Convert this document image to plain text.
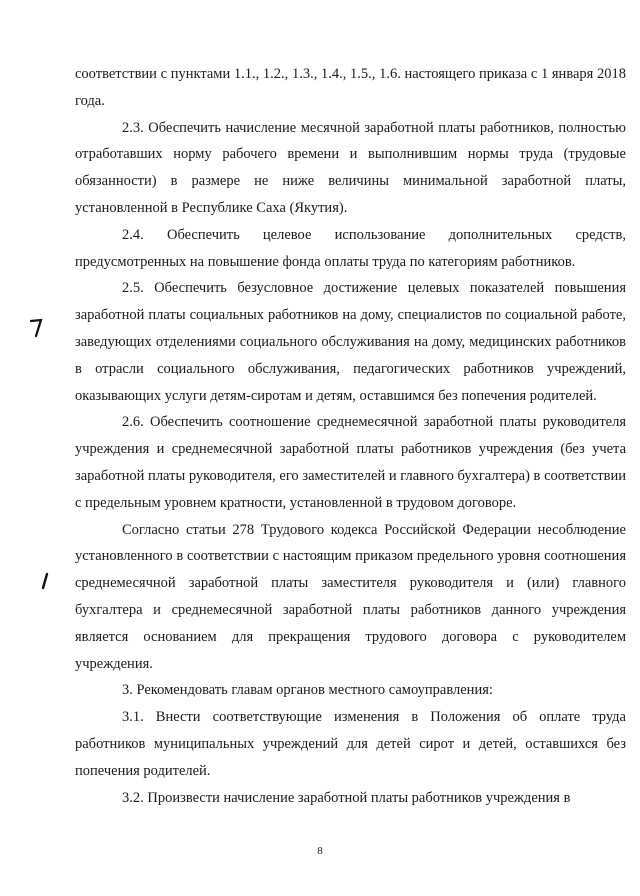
соответствии с пунктами 1.1., 1.2., 1.3., 1.4., 1.5., 1.6. настоящего приказа с 1 января 2018 года.

2.3. Обеспечить начисление месячной заработной платы работников, полностью отработавших норму рабочего времени и выполнившим нормы труда (трудовые обязанности) в размере не ниже величины минимальной заработной платы, установленной в Республике Саха (Якутия).

2.4. Обеспечить целевое использование дополнительных средств, предусмотренных на повышение фонда оплаты труда по категориям работников.

2.5. Обеспечить безусловное достижение целевых показателей повышения заработной платы социальных работников на дому, специалистов по социальной работе, заведующих отделениями социального обслуживания на дому, медицинских работников в отрасли социального обслуживания, педагогических работников учреждений, оказывающих услуги детям-сиротам и детям, оставшимся без попечения родителей.

2.6. Обеспечить соотношение среднемесячной заработной платы руководителя учреждения и среднемесячной заработной платы работников учреждения (без учета заработной платы руководителя, его заместителей и главного бухгалтера) в соответствии с предельным уровнем кратности, установленной в трудовом договоре.

Согласно статьи 278 Трудового кодекса Российской Федерации несоблюдение установленного в соответствии с настоящим приказом предельного уровня соотношения среднемесячной заработной платы заместителя руководителя и (или) главного бухгалтера и среднемесячной заработной платы работников данного учреждения является основанием для прекращения трудового договора с руководителем учреждения.

3. Рекомендовать главам органов местного самоуправления:

3.1. Внести соответствующие изменения в Положения об оплате труда работников муниципальных учреждений для детей сирот и детей, оставшихся без попечения родителей.

3.2. Произвести начисление заработной платы работников учреждения в

8
